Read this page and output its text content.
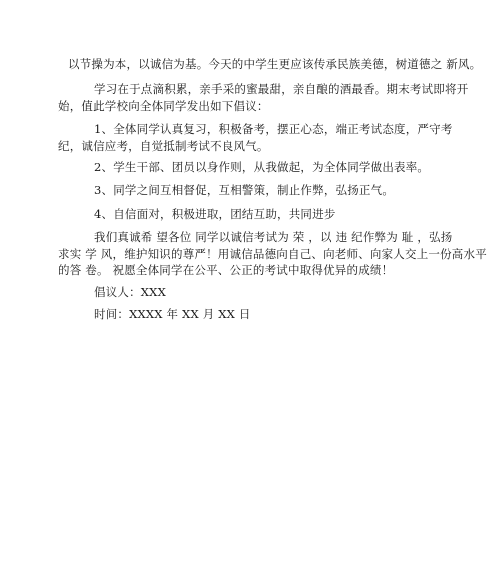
以节操为本，以诚信为基。今天的中学生更应该传承民族美德，树道德之 新风。
学习在于点滴积累，亲手采的蜜最甜，亲自酿的酒最香。期末考试即将开
始，值此学校向全体同学发出如下倡议：
1、全体同学认真复习，积极备考，摆正心态，端正考试态度，严守考
纪，诚信应考，自觉抵制考试不良风气。
2、学生干部、团员以身作则，从我做起，为全体同学做出表率。
3、同学之间互相督促，互相警策，制止作弊，弘扬正气。
4、自信面对，积极进取，团结互助，共同进步
我们真诚希 望各位 同学以诚信考试为 荣 ，以 违 纪作弊为 耻 ，弘扬
求实 学 风，维护知识的尊严！用诚信品德向自己、向老师、向家人交上一份高水平
的答 卷。 祝愿全体同学在公平、公正的考试中取得优异的成绩！
倡议人：XXX
时间：XXXX 年 XX 月 XX 日
